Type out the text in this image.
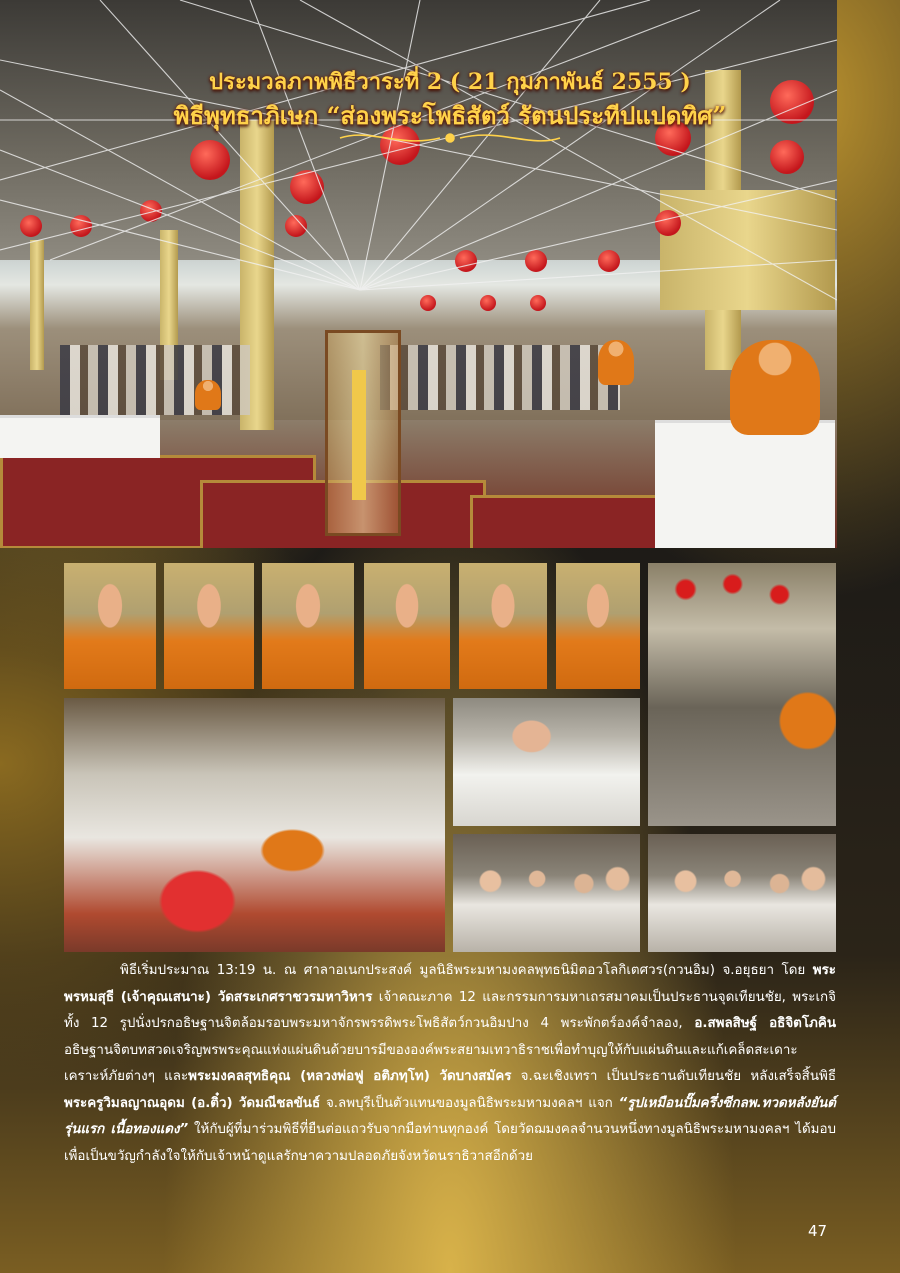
ประมวลภาพพิธีวาระที่ 2 ( 21 กุมภาพันธ์ 2555 )
พิธีพุทธาภิเษก “ส่องพระโพธิสัตว์ รัตนประทีปแปดทิศ”

พิธีเริ่มประมาณ 13:19 น. ณ ศาลาอเนกประสงค์ มูลนิธิพระมหามงคลพุทธนิมิตอวโลกิเตศวร(กวนอิม) จ.อยุธยา โดย พระพรหมสุธี (เจ้าคุณเสนาะ) วัดสระเกศราชวรมหาวิหาร เจ้าคณะภาค 12 และกรรมการมหาเถรสมาคมเป็นประธานจุดเทียนชัย, พระเกจิทั้ง 12 รูปนั่งปรกอธิษฐานจิตล้อมรอบพระมหาจักรพรรดิพระโพธิสัตว์กวนอิมปาง 4 พระพักตร์องค์จำลอง, อ.สพลสิษฐ์ อธิจิตโภคิน อธิษฐานจิตบทสวดเจริญพรพระคุณแห่งแผ่นดินด้วยบารมีขององค์พระสยามเทวาธิราชเพื่อทำบุญให้กับแผ่นดินและแก้เคล็ดสะเดาะเคราะห์ภัยต่างๆ และพระมงคลสุทธิคุณ (หลวงพ่อฟู อติภทฺโท) วัดบางสมัคร จ.ฉะเชิงเทรา เป็นประธานดับเทียนชัย หลังเสร็จสิ้นพิธีพระครูวิมลญาณอุดม (อ.ติ๋ว) วัดมณีชลขันธ์ จ.ลพบุรีเป็นตัวแทนของมูลนิธิพระมหามงคลฯ แจก “รูปเหมือนปั๊มครึ่งซีกลพ.ทวดหลังยันต์ รุ่นแรก เนื้อทองแดง” ให้กับผู้ที่มาร่วมพิธีที่ยืนต่อแถวรับจากมือท่านทุกองค์ โดยวัดฌมงคลจำนวนหนึ่งทางมูลนิธิพระมหามงคลฯ ได้มอบเพื่อเป็นขวัญกำลังใจให้กับเจ้าหน้าดูแลรักษาความปลอดภัยจังหวัดนราธิวาสอีกด้วย

47
